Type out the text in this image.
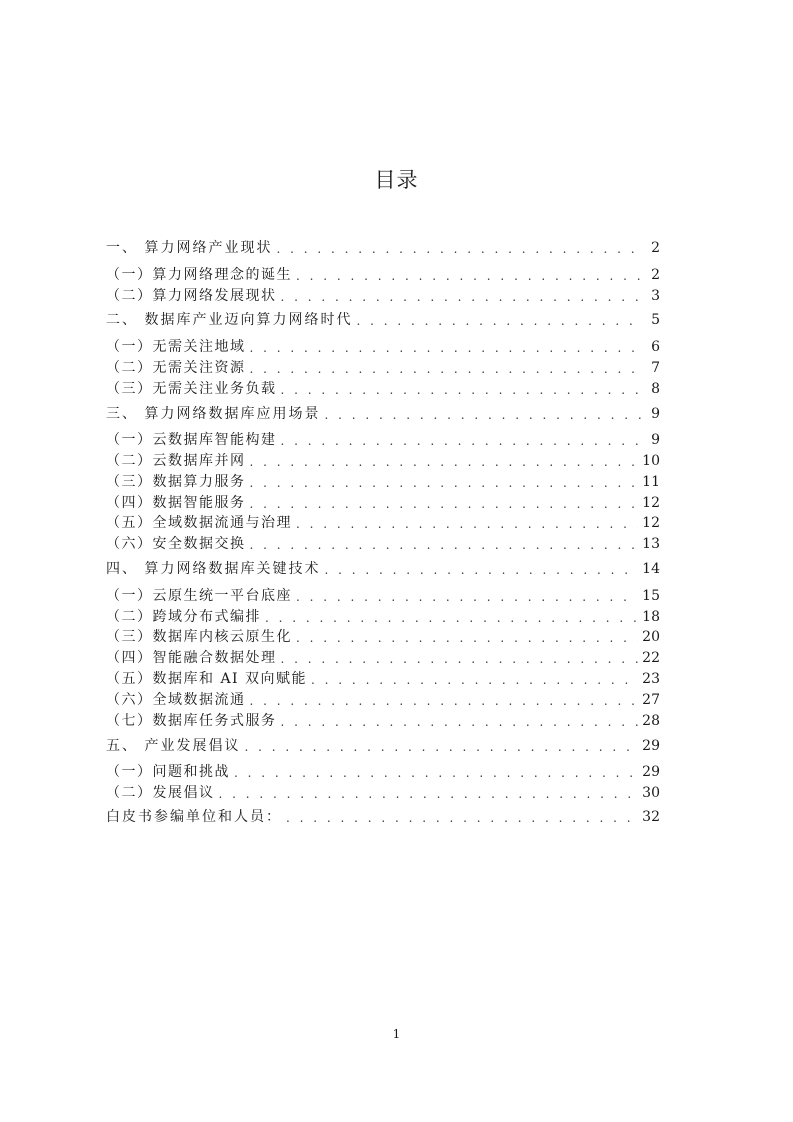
目录
一、 算力网络产业现状 . . .	2
（一）算力网络理念的诞生 . . .	2
（二）算力网络发展现状 . . .	3
二、 数据库产业迈向算力网络时代 . . .	5
（一）无需关注地域 . . .	6
（二）无需关注资源 . . .	7
（三）无需关注业务负载 . . .	8
三、 算力网络数据库应用场景 . . .	9
（一）云数据库智能构建 . . .	9
（二）云数据库并网 . . .	10
（三）数据算力服务 . . .	11
（四）数据智能服务 . . .	12
（五）全域数据流通与治理 . . .	12
（六）安全数据交换 . . .	13
四、 算力网络数据库关键技术 . . .	14
（一）云原生统一平台底座 . . .	15
（二）跨域分布式编排 . . .	18
（三）数据库内核云原生化 . . .	20
（四）智能融合数据处理 . . .	22
（五）数据库和 AI 双向赋能 . . .	23
（六）全域数据流通 . . .	27
（七）数据库任务式服务 . . .	28
五、 产业发展倡议 . . .	29
（一）问题和挑战 . . .	29
（二）发展倡议 . . .	30
白皮书参编单位和人员： . . .	32
1
